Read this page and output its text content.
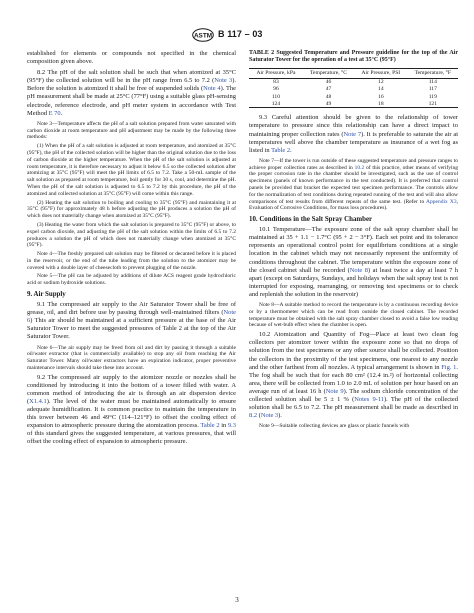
ASTM B 117 – 03

established for elements or compounds not specified in the chemical composition given above.

8.2 The pH of the salt solution shall be such that when atomized at 35°C (95°F) the collected solution will be in the pH range from 6.5 to 7.2 (Note 3). Before the solution is atomized it shall be free of suspended solids (Note 4). The pH measurement shall be made at 25°C (77°F) using a suitable glass pH-sensing electrode, reference electrode, and pH meter system in accordance with Test Method E 70.

Note 3—Temperature affects the pH of a salt solution prepared from water saturated with carbon dioxide at room temperature and pH adjustment may be made by the following three methods:

(1) When the pH of a salt solution is adjusted at room temperature, and atomized at 35°C (95°F), the pH of the collected solution will be higher than the original solution due to the loss of carbon dioxide at the higher temperature. When the pH of the salt solution is adjusted at room temperature, it is therefore necessary to adjust it below 6.5 so the collected solution after atomizing at 35°C (95°F) will meet the pH limits of 6.5 to 7.2. Take a 50-mL sample of the salt solution as prepared at room temperature, boil gently for 30 s, cool, and determine the pH. When the pH of the salt solution is adjusted to 6.5 to 7.2 by this procedure, the pH of the atomized and collected solution at 35°C (95°F) will come within this range.

(2) Heating the salt solution to boiling and cooling to 35°C (95°F) and maintaining it at 35°C (95°F) for approximately 48 h before adjusting the pH produces a solution the pH of which does not materially change when atomized at 35°C (95°F).

(3) Heating the water from which the salt solution is prepared to 35°C (95°F) or above, to expel carbon dioxide, and adjusting the pH of the salt solution within the limits of 6.5 to 7.2 produces a solution the pH of which does not materially change when atomized at 35°C (95°F).

Note 4—The freshly prepared salt solution may be filtered or decanted before it is placed in the reservoir, or the end of the tube leading from the solution to the atomizer may be covered with a double layer of cheesecloth to prevent plugging of the nozzle.

Note 5—The pH can be adjusted by additions of dilute ACS reagent grade hydrochloric acid or sodium hydroxide solutions.

9. Air Supply

9.1 The compressed air supply to the Air Saturator Tower shall be free of grease, oil, and dirt before use by passing through well-maintained filters (Note 6) This air should be maintained at a sufficient pressure at the base of the Air Saturator Tower to meet the suggested pressures of Table 2 at the top of the Air Saturator Tower.

Note 6—The air supply may be freed from oil and dirt by passing it through a suitable oil/water extractor (that is commercially available) to stop any oil from reaching the Air Saturator Tower. Many oil/water extractors have an expiration indicator, proper preventive maintenance intervals should take these into account.

9.2 The compressed air supply to the atomizer nozzle or nozzles shall be conditioned by introducing it into the bottom of a tower filled with water. A common method of introducing the air is through an air dispersion device (X1.4.1). The level of the water must be maintained automatically to ensure adequate humidification. It is common practice to maintain the temperature in this tower between 46 and 49°C (114–121°F) to offset the cooling effect of expansion to atmospheric pressure during the atomization process. Table 2 in 9.3 of this standard gives the suggested temperature, at various pressures, that will offset the cooling effect of expansion to atmospheric pressure.

TABLE 2 Suggested Temperature and Pressure guideline for the top of the Air Saturator Tower for the operation of a test at 35°C (95°F)

Air Pressure, kPa	Temperature, °C	Air Pressure, PSI	Temperature, °F
83	46	12	114
96	47	14	117
110	48	16	119
124	49	18	121

9.3 Careful attention should be given to the relationship of tower temperature to pressure since this relationship can have a direct impact to maintaining proper collection rates (Note 7). It is preferable to saturate the air at temperatures well above the chamber temperature as insurance of a wet fog as listed in Table 2.

Note 7—If the tower is run outside of these suggested temperature and pressure ranges to achieve proper collection rates as described in 10.2 of this practice, other means of verifying the proper corrosion rate in the chamber should be investigated, such as the use of control specimens (panels of known performance in the test conducted). It is preferred that control panels be provided that bracket the expected test specimen performance. The controls allow for the normalization of test conditions during repeated running of the test and will also allow comparisons of test results from different repeats of the same test. (Refer to Appendix X3, Evaluation of Corrosive Conditions, for mass loss procedures).

10. Conditions in the Salt Spray Chamber

10.1 Temperature—The exposure zone of the salt spray chamber shall be maintained at 35 + 1.1 − 1.7°C (95 + 2 − 3°F). Each set point and its tolerance represents an operational control point for equilibrium conditions at a single location in the cabinet which may not necessarily represent the uniformity of conditions throughout the cabinet. The temperature within the exposure zone of the closed cabinet shall be recorded (Note 8) at least twice a day at least 7 h apart (except on Saturdays, Sundays, and holidays when the salt spray test is not interrupted for exposing, rearranging, or removing test specimens or to check and replenish the solution in the reservoir)

Note 8—A suitable method to record the temperature is by a continuous recording device or by a thermometer which can be read from outside the closed cabinet. The recorded temperature must be obtained with the salt spray chamber closed to avoid a false low reading because of wet-bulb effect when the chamber is open.

10.2 Atomization and Quantity of Fog—Place at least two clean fog collectors per atomizer tower within the exposure zone so that no drops of solution from the test specimens or any other source shall be collected. Position the collectors in the proximity of the test specimens, one nearest to any nozzle and the other farthest from all nozzles. A typical arrangement is shown in Fig. 1. The fog shall be such that for each 80 cm² (12.4 in.²) of horizontal collecting area, there will be collected from 1.0 to 2.0 mL of solution per hour based on an average run of at least 16 h (Note 9). The sodium chloride concentration of the collected solution shall be 5 ± 1 % (Notes 9-11). The pH of the collected solution shall be 6.5 to 7.2. The pH measurement shall be made as described in 8.2 (Note 3).

Note 9—Suitable collecting devices are glass or plastic funnels with

3
